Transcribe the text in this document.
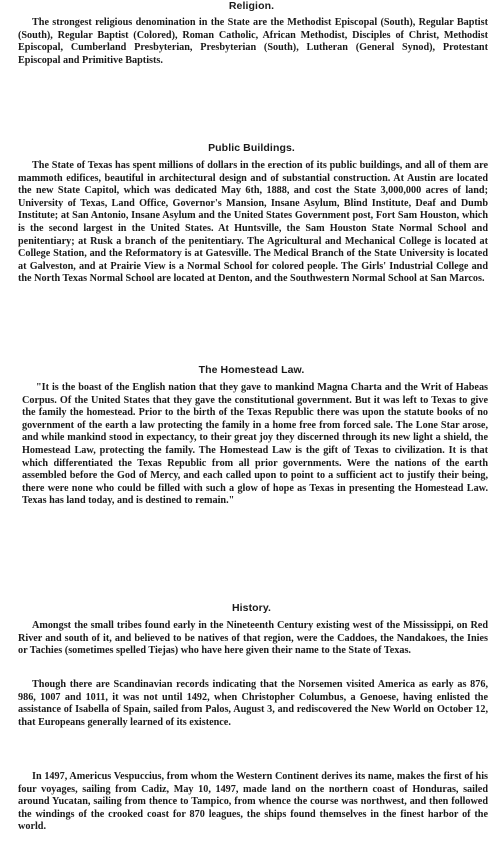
Religion.

The strongest religious denomination in the State are the Methodist Episcopal (South), Regular Baptist (South), Regular Baptist (Colored), Roman Catholic, African Methodist, Disciples of Christ, Methodist Episcopal, Cumberland Presbyterian, Presbyterian (South), Lutheran (General Synod), Protestant Episcopal and Primitive Baptists.

Public Buildings.

The State of Texas has spent millions of dollars in the erection of its public buildings, and all of them are mammoth edifices, beautiful in architectural design and of substantial construction. At Austin are located the new State Capitol, which was dedicated May 6th, 1888, and cost the State 3,000,000 acres of land; University of Texas, Land Office, Governor's Mansion, Insane Asylum, Blind Institute, Deaf and Dumb Institute; at San Antonio, Insane Asylum and the United States Government post, Fort Sam Houston, which is the second largest in the United States. At Huntsville, the Sam Houston State Normal School and penitentiary; at Rusk a branch of the penitentiary. The Agricultural and Mechanical College is located at College Station, and the Reformatory is at Gatesville. The Medical Branch of the State University is located at Galveston, and at Prairie View is a Normal School for colored people. The Girls' Industrial College and the North Texas Normal School are located at Denton, and the Southwestern Normal School at San Marcos.

The Homestead Law.

"It is the boast of the English nation that they gave to mankind Magna Charta and the Writ of Habeas Corpus. Of the United States that they gave the constitutional government. But it was left to Texas to give the family the homestead. Prior to the birth of the Texas Republic there was upon the statute books of no government of the earth a law protecting the family in a home free from forced sale. The Lone Star arose, and while mankind stood in expectancy, to their great joy they discerned through its new light a shield, the Homestead Law, protecting the family. The Homestead Law is the gift of Texas to civilization. It is that which differentiated the Texas Republic from all prior governments. Were the nations of the earth assembled before the God of Mercy, and each called upon to point to a sufficient act to justify their being, there were none who could be filled with such a glow of hope as Texas in presenting the Homestead Law. Texas has land today, and is destined to remain."

History.

Amongst the small tribes found early in the Nineteenth Century existing west of the Mississippi, on Red River and south of it, and believed to be natives of that region, were the Caddoes, the Nandakoes, the Inies or Tachies (sometimes spelled Tiejas) who have here given their name to the State of Texas.

Though there are Scandinavian records indicating that the Norsemen visited America as early as 876, 986, 1007 and 1011, it was not until 1492, when Christopher Columbus, a Genoese, having enlisted the assistance of Isabella of Spain, sailed from Palos, August 3, and rediscovered the New World on October 12, that Europeans generally learned of its existence.

In 1497, Americus Vespuccius, from whom the Western Continent derives its name, makes the first of his four voyages, sailing from Cadiz, May 10, 1497, made land on the northern coast of Honduras, sailed around Yucatan, sailing from thence to Tampico, from whence the course was northwest, and then followed the windings of the crooked coast for 870 leagues, the ships found themselves in the finest harbor of the world.
